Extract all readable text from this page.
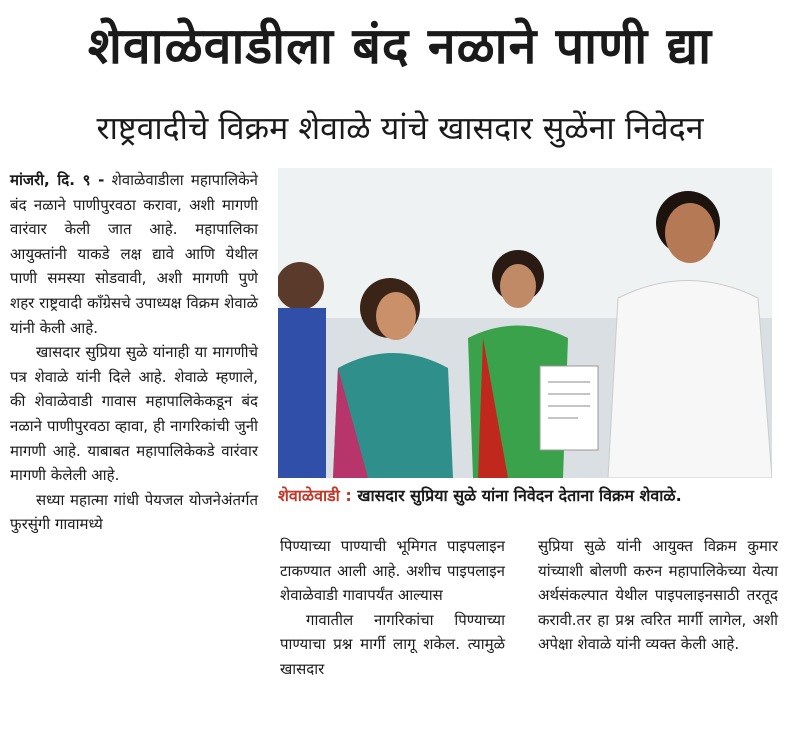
शेवाळेवाडीला बंद नळाने पाणी द्या
राष्ट्रवादीचे विक्रम शेवाळे यांचे खासदार सुळेंना निवेदन

मांजरी, दि. ९ - शेवाळेवाडीला महापालिकेने बंद नळाने पाणीपुरवठा करावा, अशी मागणी वारंवार केली जात आहे. महापालिका आयुक्तांनी याकडे लक्ष द्यावे आणि येथील पाणी समस्या सोडवावी, अशी मागणी पुणे शहर राष्ट्रवादी काँग्रेसचे उपाध्यक्ष विक्रम शेवाळे यांनी केली आहे.

खासदार सुप्रिया सुळे यांनाही या मागणीचे पत्र शेवाळे यांनी दिले आहे. शेवाळे म्हणाले, की शेवाळेवाडी गावास महापालिकेकडून बंद नळाने पाणीपुरवठा व्हावा, ही नागरिकांची जुनी मागणी आहे. याबाबत महापालिकेकडे वारंवार मागणी केलेली आहे.

सध्या महात्मा गांधी पेयजल योजनेअंतर्गत फुरसुंगी गावामध्ये

शेवाळेवाडी : खासदार सुप्रिया सुळे यांना निवेदन देताना विक्रम शेवाळे.

पिण्याच्या पाण्याची भूमिगत पाइपलाइन टाकण्यात आली आहे. अशीच पाइपलाइन शेवाळेवाडी गावापर्यंत आल्यास

गावातील नागरिकांचा पिण्याच्या पाण्याचा प्रश्न मार्गी लागू शकेल. त्यामुळे खासदार

सुप्रिया सुळे यांनी आयुक्त विक्रम कुमार यांच्याशी बोलणी करुन महापालिकेच्या येत्या अर्थसंकल्पात येथील पाइपलाइनसाठी तरतूद करावी.तर हा प्रश्न त्वरित मार्गी लागेल, अशी अपेक्षा शेवाळे यांनी व्यक्त केली आहे.
